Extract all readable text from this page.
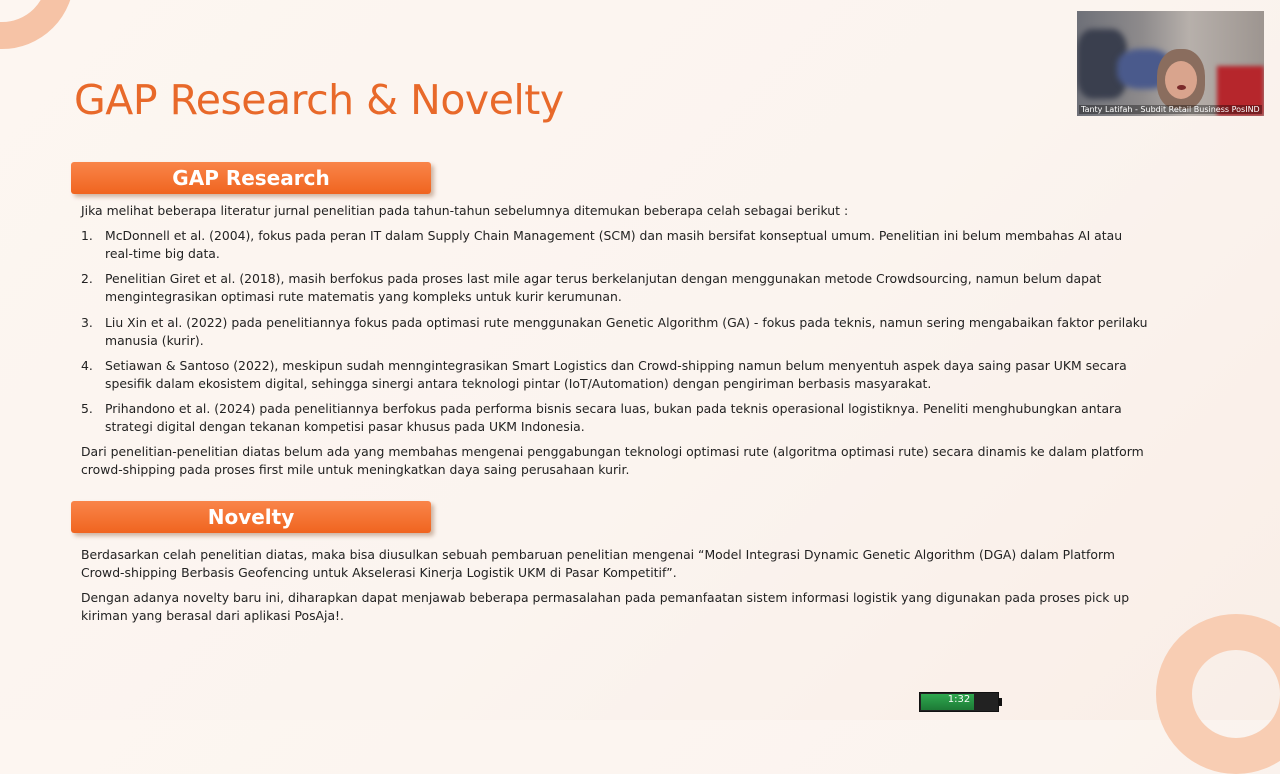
GAP Research & Novelty
GAP Research

Jika melihat beberapa literatur jurnal penelitian pada tahun-tahun sebelumnya ditemukan beberapa celah sebagai berikut :

1. McDonnell et al. (2004), fokus pada peran IT dalam Supply Chain Management (SCM) dan masih bersifat konseptual umum. Penelitian ini belum membahas AI atau real-time big data.
2. Penelitian Giret et al. (2018), masih berfokus pada proses last mile agar terus berkelanjutan dengan menggunakan metode Crowdsourcing, namun belum dapat mengintegrasikan optimasi rute matematis yang kompleks untuk kurir kerumunan.
3. Liu Xin et al. (2022) pada penelitiannya fokus pada optimasi rute menggunakan Genetic Algorithm (GA) - fokus pada teknis, namun sering mengabaikan faktor perilaku manusia (kurir).
4. Setiawan & Santoso (2022), meskipun sudah menngintegrasikan Smart Logistics dan Crowd-shipping namun belum menyentuh aspek daya saing pasar UKM secara spesifik dalam ekosistem digital, sehingga sinergi antara teknologi pintar (IoT/Automation) dengan pengiriman berbasis masyarakat.
5. Prihandono et al. (2024) pada penelitiannya berfokus pada performa bisnis secara luas, bukan pada teknis operasional logistiknya. Peneliti menghubungkan antara strategi digital dengan tekanan kompetisi pasar khusus pada UKM Indonesia.

Dari penelitian-penelitian diatas belum ada yang membahas mengenai penggabungan teknologi optimasi rute (algoritma optimasi rute) secara dinamis ke dalam platform crowd-shipping pada proses first mile untuk meningkatkan daya saing perusahaan kurir.

Novelty

Berdasarkan celah penelitian diatas, maka bisa diusulkan sebuah pembaruan penelitian mengenai “Model Integrasi Dynamic Genetic Algorithm (DGA) dalam Platform Crowd-shipping Berbasis Geofencing untuk Akselerasi Kinerja Logistik UKM di Pasar Kompetitif”.

Dengan adanya novelty baru ini, diharapkan dapat menjawab beberapa permasalahan pada pemanfaatan sistem informasi logistik yang digunakan pada proses pick up kiriman yang berasal dari aplikasi PosAja!.

Tanty Latifah - Subdit Retail Business PosIND
1:32
